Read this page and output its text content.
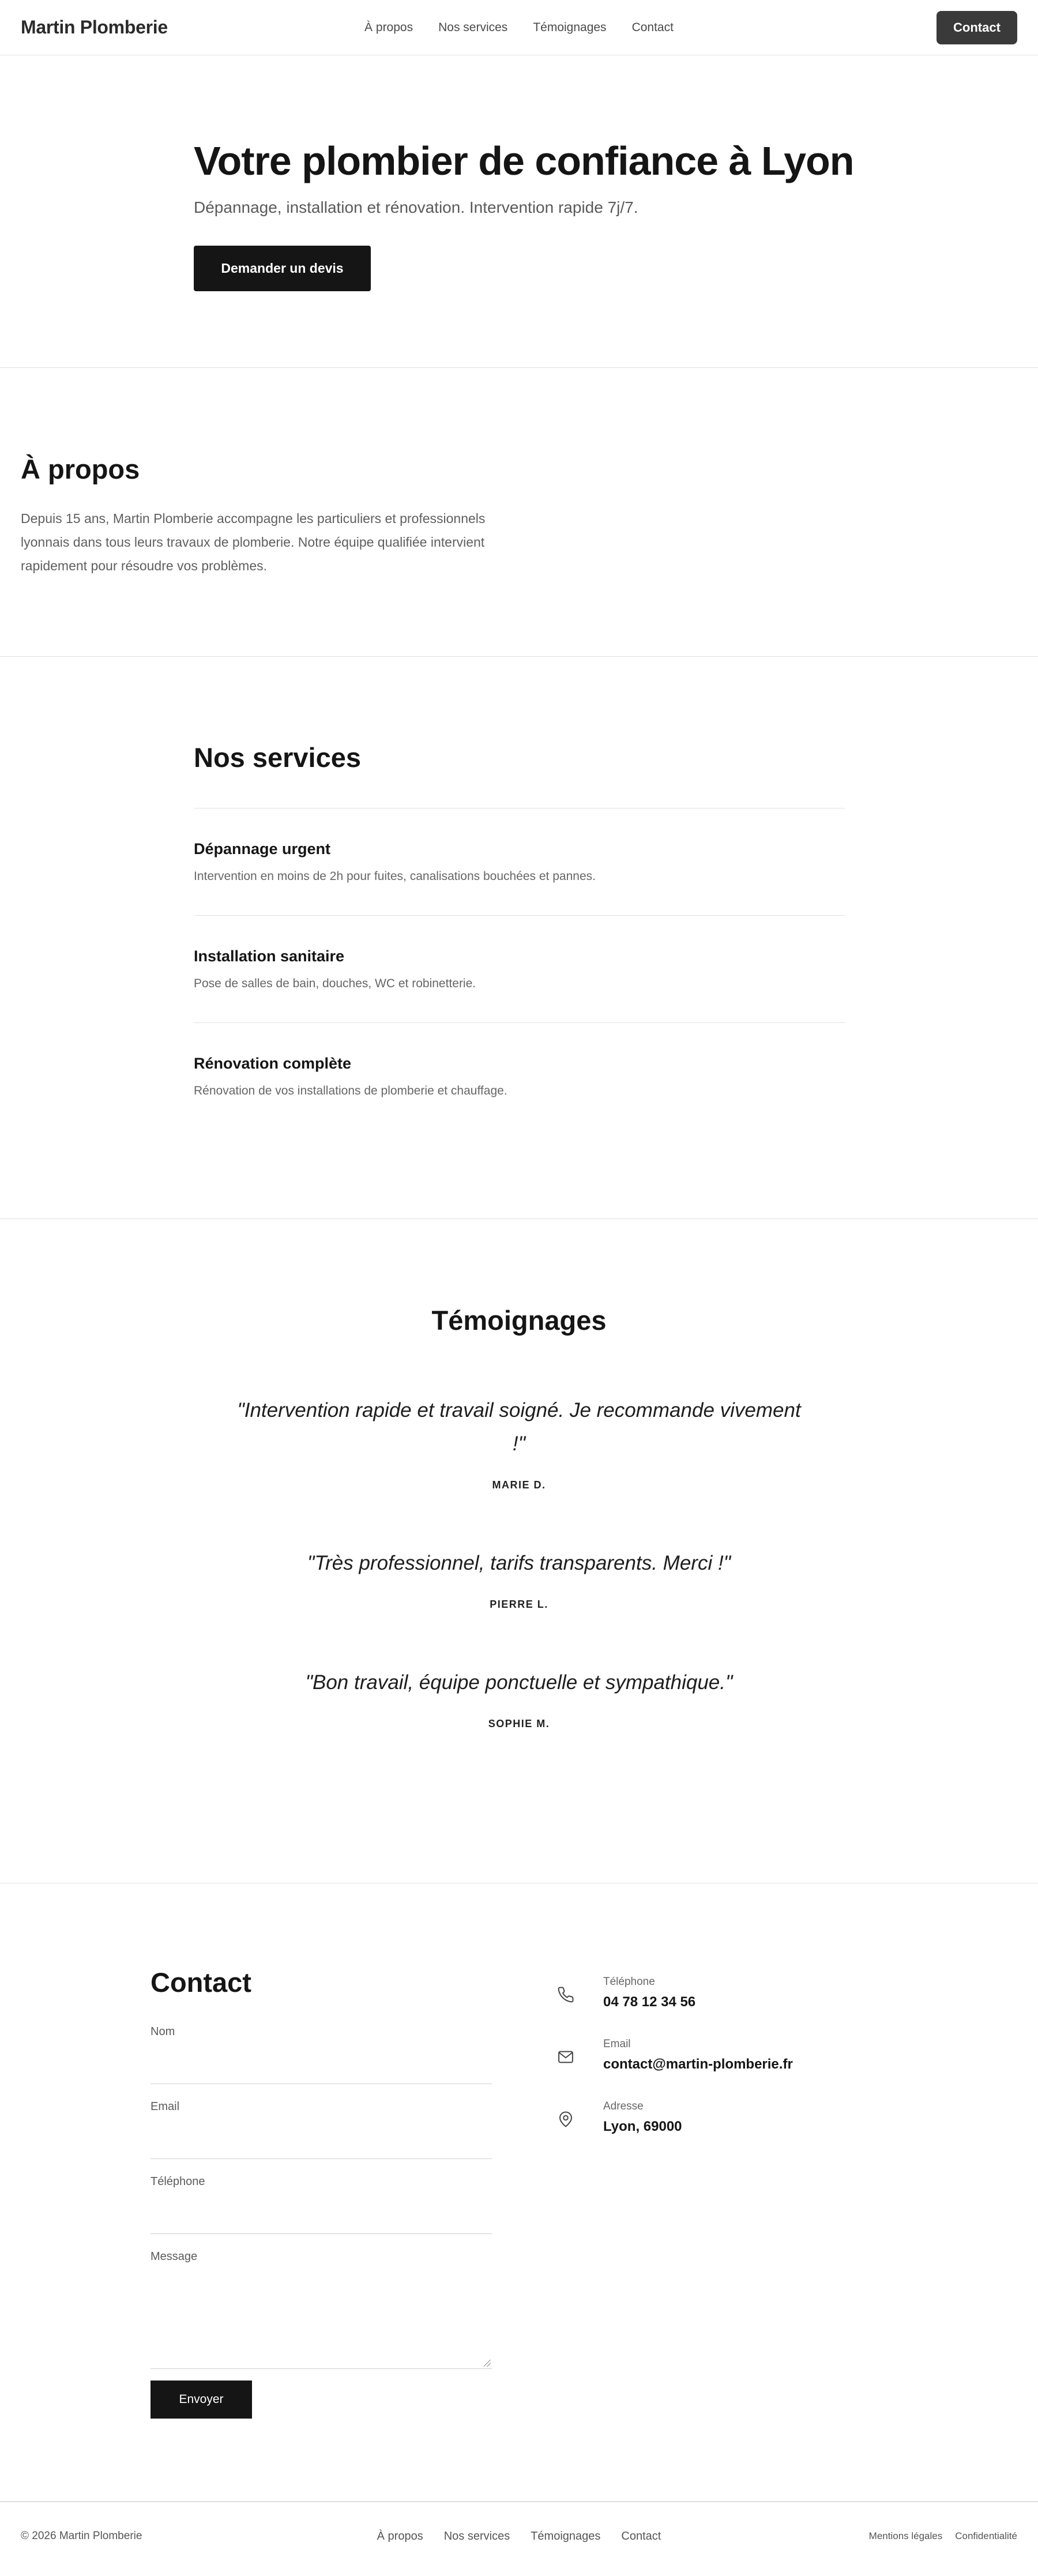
Martin Plomberie	À propos Nos services Témoignages Contact	Contact
Votre plombier de confiance à Lyon

Dépannage, installation et rénovation. Intervention rapide 7j/7.

Demander un devis
À propos

Depuis 15 ans, Martin Plomberie accompagne les particuliers et professionnels lyonnais dans tous leurs travaux de plomberie. Notre équipe qualifiée intervient rapidement pour résoudre vos problèmes.

Nos services
Dépannage urgent

Intervention en moins de 2h pour fuites, canalisations bouchées et pannes.

Installation sanitaire

Pose de salles de bain, douches, WC et robinetterie.

Rénovation complète

Rénovation de vos installations de plomberie et chauffage.

Témoignages

"Intervention rapide et travail soigné. Je recommande vivement !"

MARIE D.

"Très professionnel, tarifs transparents. Merci !"

PIERRE L.

"Bon travail, équipe ponctuelle et sympathique."

SOPHIE M.
Contact
Nom
Email
Téléphone
Message
Envoyer
Téléphone
04 78 12 34 56
Email
contact@martin-plomberie.fr
Adresse
Lyon, 69000
© 2026 Martin Plomberie	À propos Nos services Témoignages Contact	Mentions légales Confidentialité
